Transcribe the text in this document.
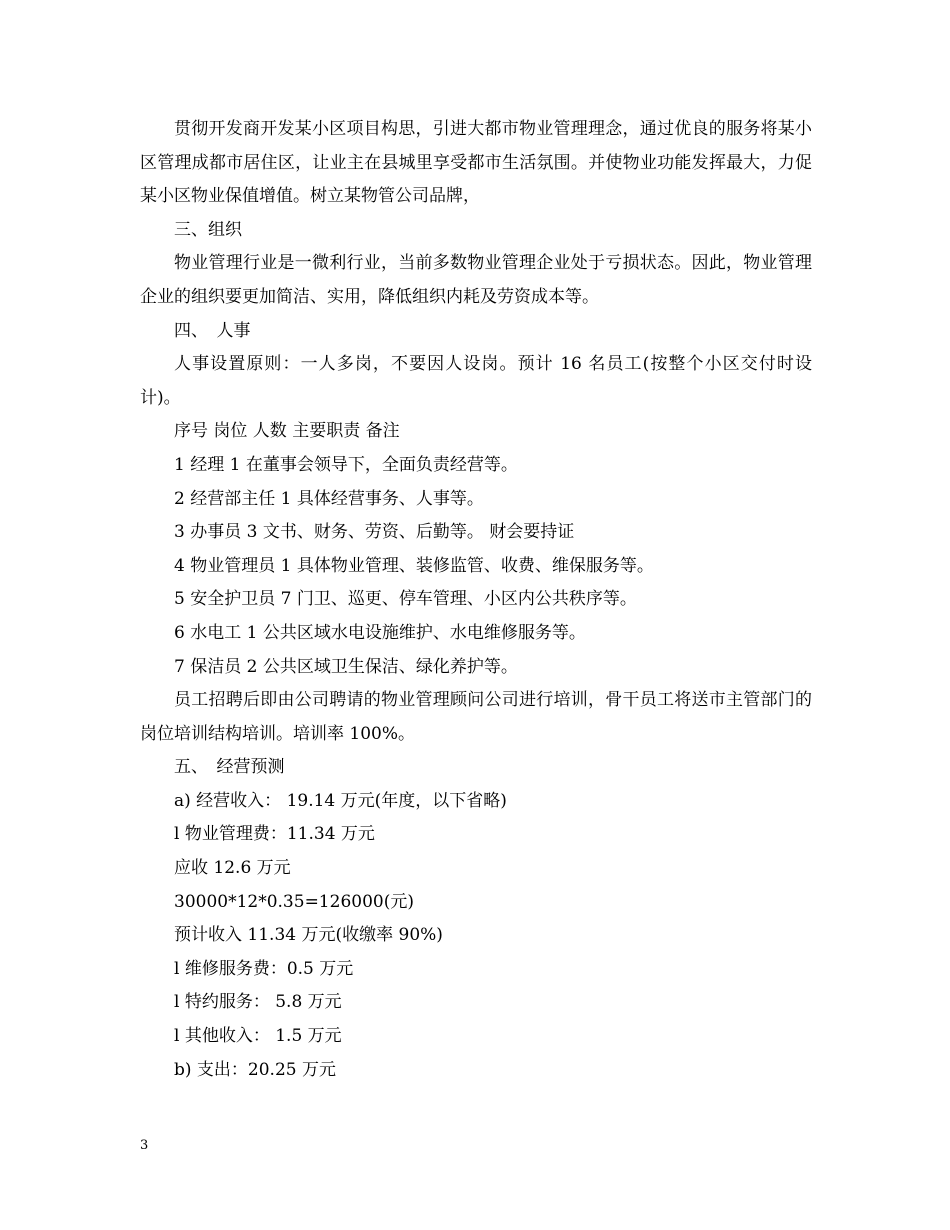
贯彻开发商开发某小区项目构思，引进大都市物业管理理念，通过优良的服务将某小区管理成都市居住区，让业主在县城里享受都市生活氛围。并使物业功能发挥最大，力促某小区物业保值增值。树立某物管公司品牌，

三、组织

物业管理行业是一微利行业，当前多数物业管理企业处于亏损状态。因此，物业管理企业的组织要更加简洁、实用，降低组织内耗及劳资成本等。

四、　人事

人事设置原则：一人多岗，不要因人设岗。预计 16 名员工(按整个小区交付时设计)。

序号 岗位 人数 主要职责 备注

1 经理 1 在董事会领导下，全面负责经营等。

2 经营部主任 1 具体经营事务、人事等。

3 办事员 3 文书、财务、劳资、后勤等。 财会要持证

4 物业管理员 1 具体物业管理、装修监管、收费、维保服务等。

5 安全护卫员 7 门卫、巡更、停车管理、小区内公共秩序等。

6 水电工 1 公共区域水电设施维护、水电维修服务等。

7 保洁员 2 公共区域卫生保洁、绿化养护等。

员工招聘后即由公司聘请的物业管理顾问公司进行培训，骨干员工将送市主管部门的岗位培训结构培训。培训率 100%。

五、　经营预测

a) 经营收入： 19.14 万元(年度，以下省略)

l 物业管理费：11.34 万元

应收 12.6 万元

30000*12*0.35=126000(元)

预计收入 11.34 万元(收缴率 90%)

l 维修服务费：0.5 万元

l 特约服务： 5.8 万元

l 其他收入： 1.5 万元

b) 支出：20.25 万元

3
